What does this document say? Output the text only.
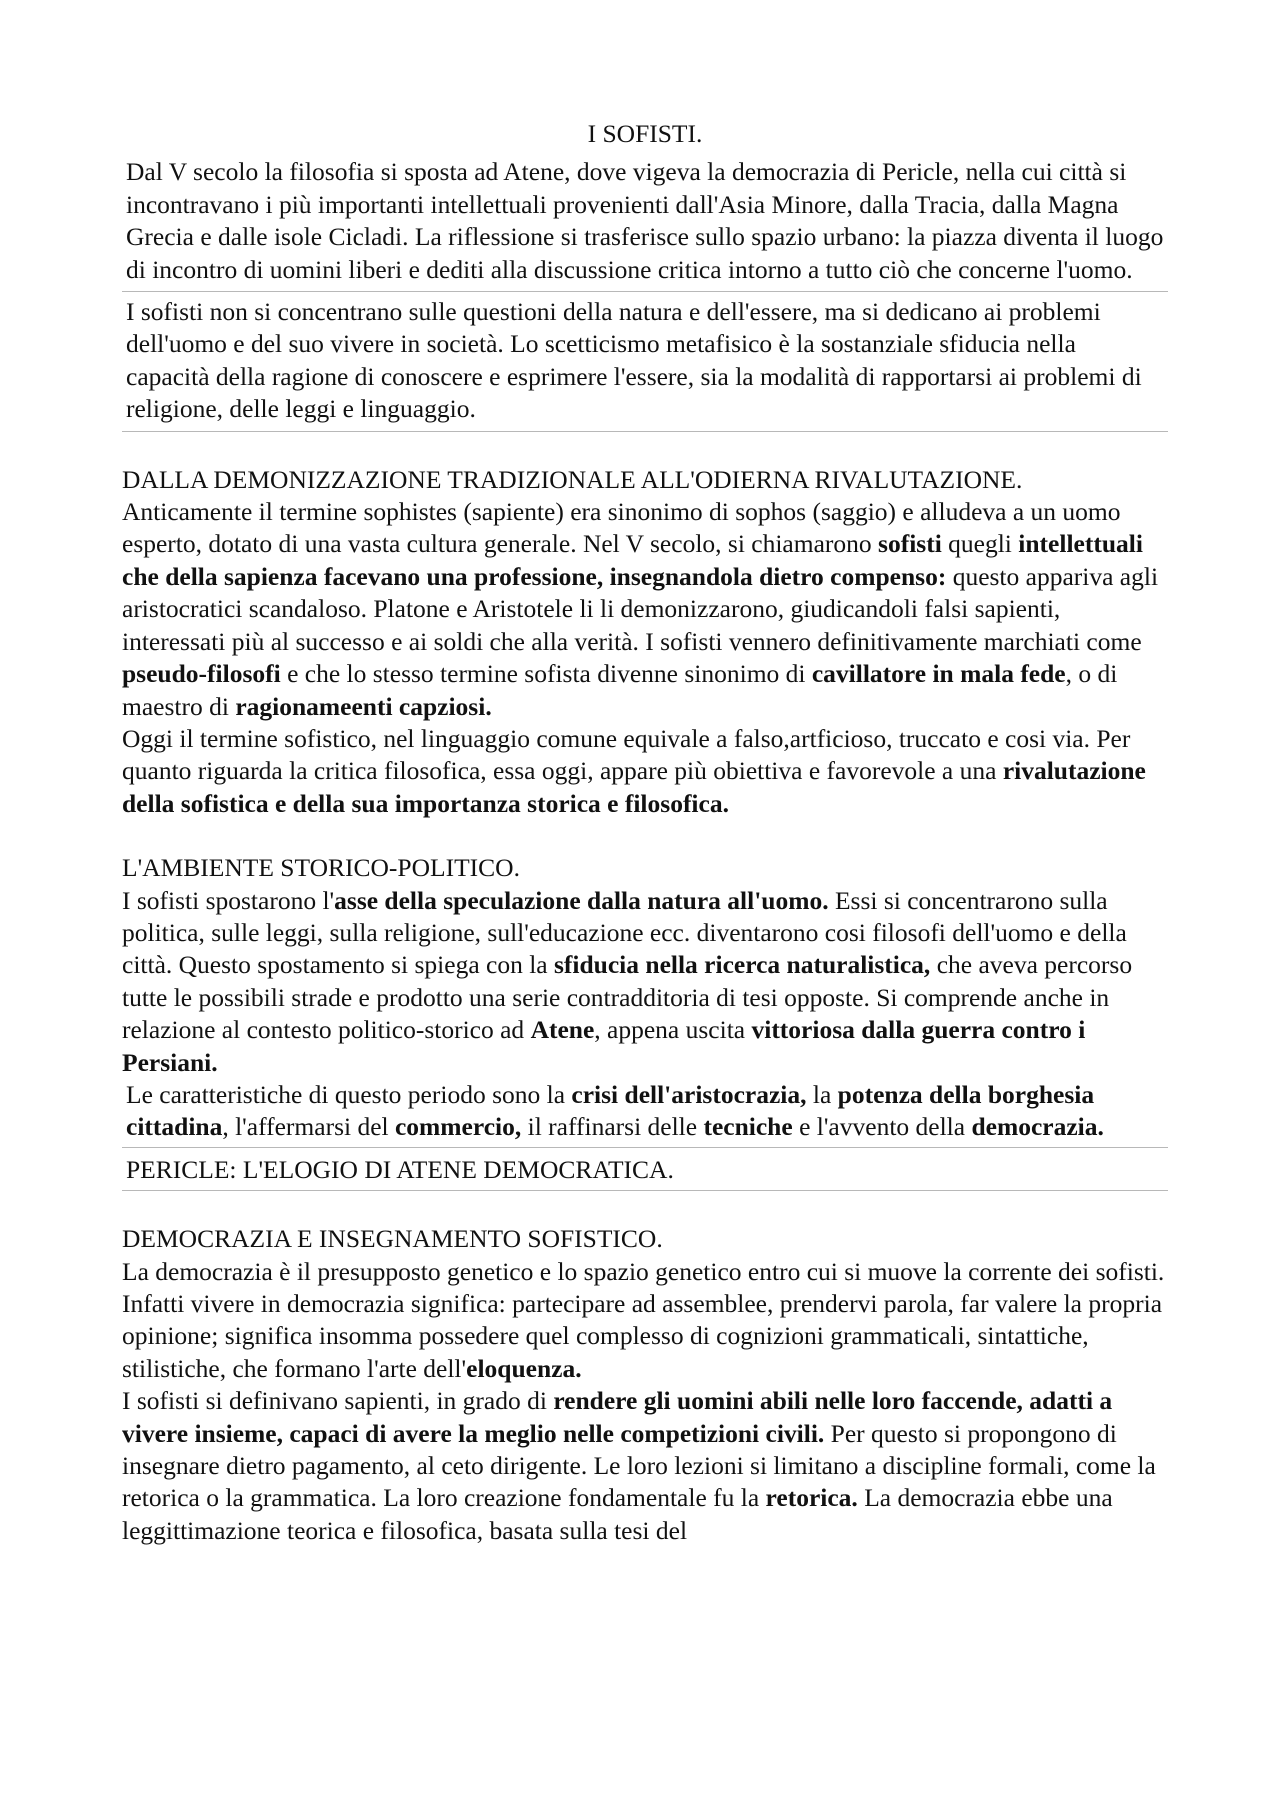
I SOFISTI.

Dal V secolo la filosofia si sposta ad Atene, dove vigeva la democrazia di Pericle, nella cui città si incontravano i più importanti intellettuali provenienti dall'Asia Minore, dalla Tracia, dalla Magna Grecia e dalle isole Cicladi. La riflessione si trasferisce sullo spazio urbano: la piazza diventa il luogo di incontro di uomini liberi e dediti alla discussione critica intorno a tutto ciò che concerne l'uomo.

I sofisti non si concentrano sulle questioni della natura e dell'essere, ma si dedicano ai problemi dell'uomo e del suo vivere in società. Lo scetticismo metafisico è la sostanziale sfiducia nella capacità della ragione di conoscere e esprimere l'essere, sia la modalità di rapportarsi ai problemi di religione, delle leggi e linguaggio.

DALLA DEMONIZZAZIONE TRADIZIONALE ALL'ODIERNA RIVALUTAZIONE.

Anticamente il termine sophistes (sapiente) era sinonimo di sophos (saggio) e alludeva a un uomo esperto, dotato di una vasta cultura generale. Nel V secolo, si chiamarono sofisti quegli intellettuali che della sapienza facevano una professione, insegnandola dietro compenso: questo appariva agli aristocratici scandaloso. Platone e Aristotele li li demonizzarono, giudicandoli falsi sapienti, interessati più al successo e ai soldi che alla verità. I sofisti vennero definitivamente marchiati come pseudo-filosofi e che lo stesso termine sofista divenne sinonimo di cavillatore in mala fede, o di maestro di ragionameenti capziosi.

Oggi il termine sofistico, nel linguaggio comune equivale a falso,artficioso, truccato e cosi via. Per quanto riguarda la critica filosofica, essa oggi, appare più obiettiva e favorevole a una rivalutazione della sofistica e della sua importanza storica e filosofica.

L'AMBIENTE STORICO-POLITICO.

I sofisti spostarono l'asse della speculazione dalla natura all'uomo. Essi si concentrarono sulla politica, sulle leggi, sulla religione, sull'educazione ecc. diventarono cosi filosofi dell'uomo e della città. Questo spostamento si spiega con la sfiducia nella ricerca naturalistica, che aveva percorso tutte le possibili strade e prodotto una serie contradditoria di tesi opposte. Si comprende anche in relazione al contesto politico-storico ad Atene, appena uscita vittoriosa dalla guerra contro i Persiani.

Le caratteristiche di questo periodo sono la crisi dell'aristocrazia, la potenza della borghesia cittadina, l'affermarsi del commercio, il raffinarsi delle tecniche e l'avvento della democrazia.

PERICLE: L'ELOGIO DI ATENE DEMOCRATICA.

DEMOCRAZIA E INSEGNAMENTO SOFISTICO.

La democrazia è il presupposto genetico e lo spazio genetico entro cui si muove la corrente dei sofisti. Infatti vivere in democrazia significa: partecipare ad assemblee, prendervi parola, far valere la propria opinione; significa insomma possedere quel complesso di cognizioni grammaticali, sintattiche, stilistiche, che formano l'arte dell'eloquenza.

I sofisti si definivano sapienti, in grado di rendere gli uomini abili nelle loro faccende, adatti a vivere insieme, capaci di avere la meglio nelle competizioni civili. Per questo si propongono di insegnare dietro pagamento, al ceto dirigente. Le loro lezioni si limitano a discipline formali, come la retorica o la grammatica. La loro creazione fondamentale fu la retorica. La democrazia ebbe una leggittimazione teorica e filosofica, basata sulla tesi del
